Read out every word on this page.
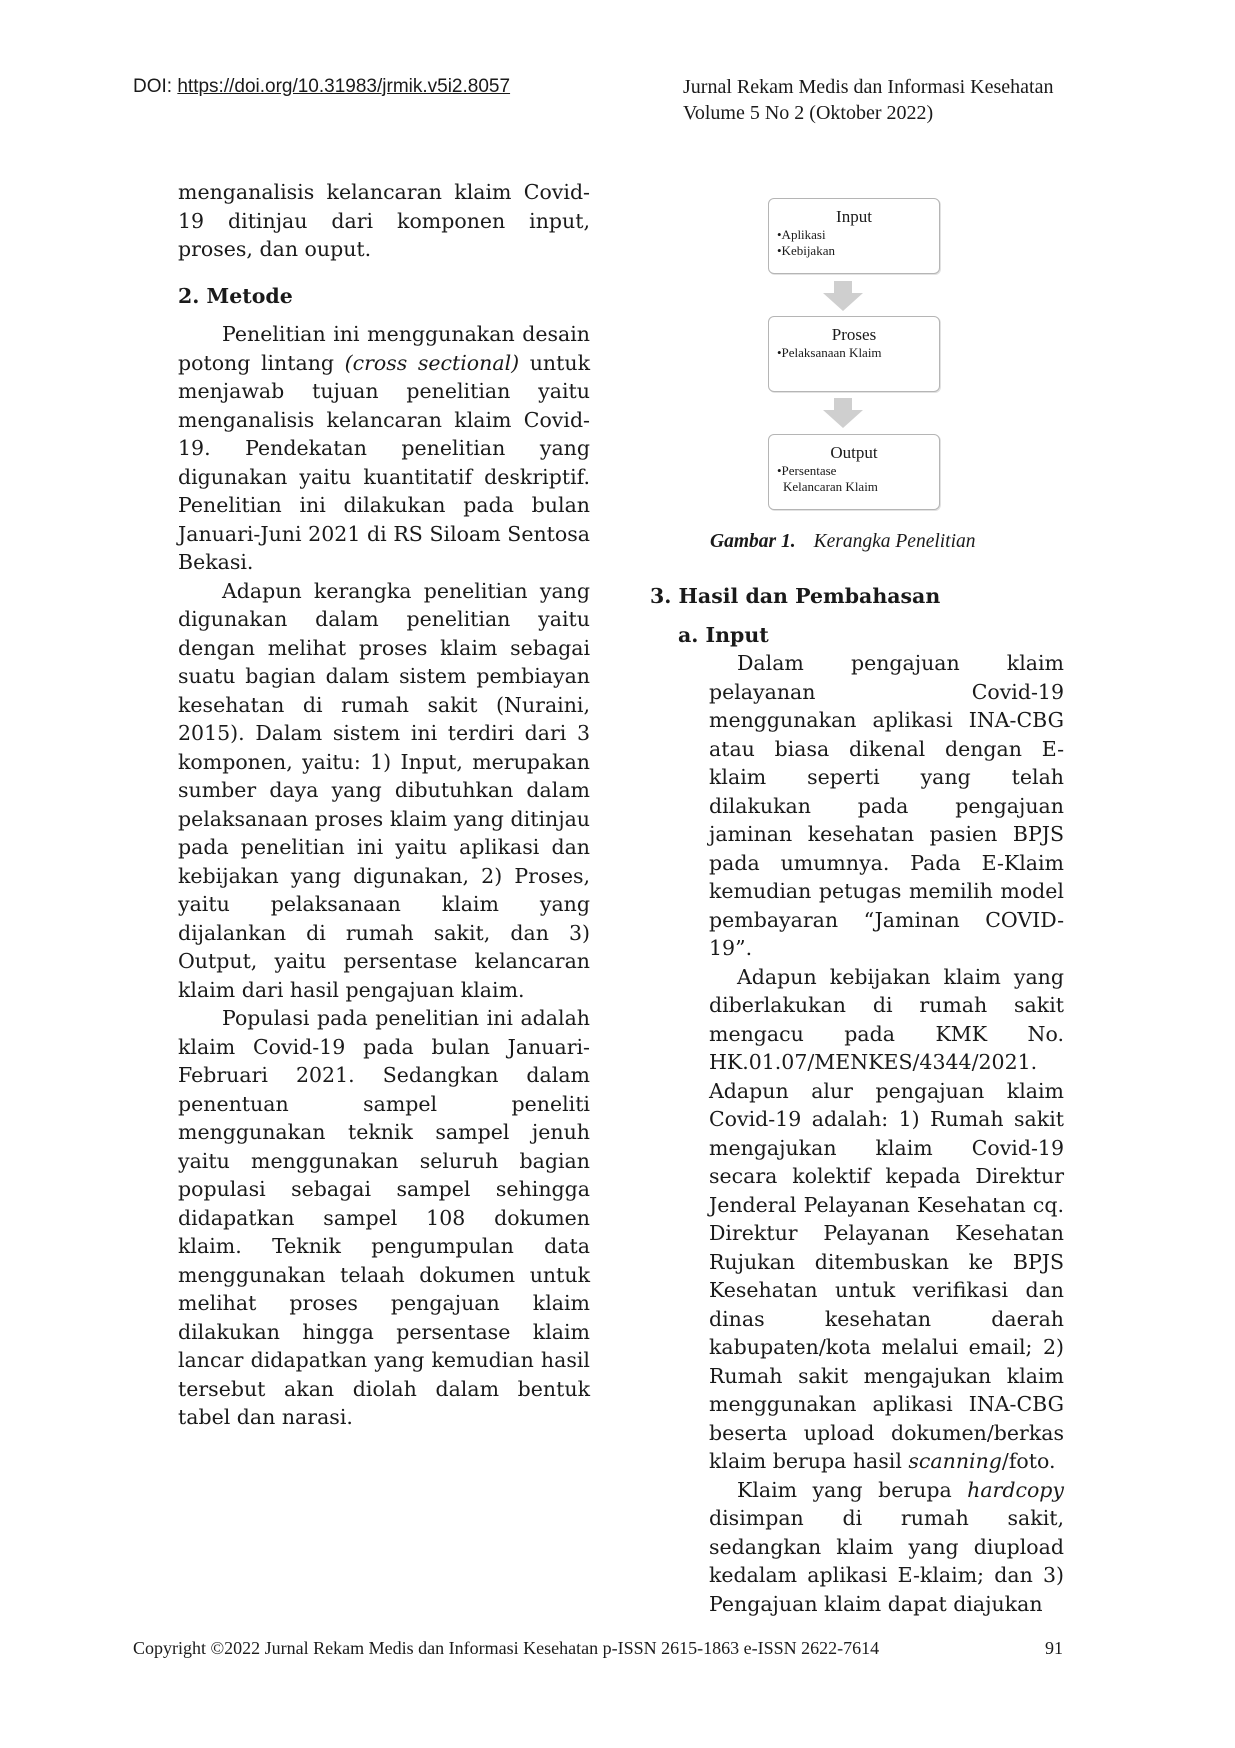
DOI: https://doi.org/10.31983/jrmik.v5i2.8057	Jurnal Rekam Medis dan Informasi Kesehatan
Volume 5 No 2 (Oktober 2022)

menganalisis kelancaran klaim Covid-19 ditinjau dari komponen input, proses, dan ouput.

2. Metode

Penelitian ini menggunakan desain potong lintang (cross sectional) untuk menjawab tujuan penelitian yaitu menganalisis kelancaran klaim Covid-19. Pendekatan penelitian yang digunakan yaitu kuantitatif deskriptif. Penelitian ini dilakukan pada bulan Januari-Juni 2021 di RS Siloam Sentosa Bekasi.

Adapun kerangka penelitian yang digunakan dalam penelitian yaitu dengan melihat proses klaim sebagai suatu bagian dalam sistem pembiayan kesehatan di rumah sakit (Nuraini, 2015). Dalam sistem ini terdiri dari 3 komponen, yaitu: 1) Input, merupakan sumber daya yang dibutuhkan dalam pelaksanaan proses klaim yang ditinjau pada penelitian ini yaitu aplikasi dan kebijakan yang digunakan, 2) Proses, yaitu pelaksanaan klaim yang dijalankan di rumah sakit, dan 3) Output, yaitu persentase kelancaran klaim dari hasil pengajuan klaim.

Populasi pada penelitian ini adalah klaim Covid-19 pada bulan Januari-Februari 2021. Sedangkan dalam penentuan sampel peneliti menggunakan teknik sampel jenuh yaitu menggunakan seluruh bagian populasi sebagai sampel sehingga didapatkan sampel 108 dokumen klaim. Teknik pengumpulan data menggunakan telaah dokumen untuk melihat proses pengajuan klaim dilakukan hingga persentase klaim lancar didapatkan yang kemudian hasil tersebut akan diolah dalam bentuk tabel dan narasi.

Input
•Aplikasi
•Kebijakan
Proses
•Pelaksanaan Klaim
Output
•Persentase
Kelancaran Klaim
Gambar 1. Kerangka Penelitian
3. Hasil dan Pembahasan
a. Input

Dalam pengajuan klaim pelayanan Covid-19 menggunakan aplikasi INA-CBG atau biasa dikenal dengan E-klaim seperti yang telah dilakukan pada pengajuan jaminan kesehatan pasien BPJS pada umumnya. Pada E-Klaim kemudian petugas memilih model pembayaran “Jaminan COVID-19”.

Adapun kebijakan klaim yang diberlakukan di rumah sakit mengacu pada KMK No. HK.01.07/MENKES/4344/2021. Adapun alur pengajuan klaim Covid-19 adalah: 1) Rumah sakit mengajukan klaim Covid-19 secara kolektif kepada Direktur Jenderal Pelayanan Kesehatan cq. Direktur Pelayanan Kesehatan Rujukan ditembuskan ke BPJS Kesehatan untuk verifikasi dan dinas kesehatan daerah kabupaten/kota melalui email; 2) Rumah sakit mengajukan klaim menggunakan aplikasi INA-CBG beserta upload dokumen/berkas klaim berupa hasil scanning/foto.

Klaim yang berupa hardcopy disimpan di rumah sakit, sedangkan klaim yang diupload kedalam aplikasi E-klaim; dan 3) Pengajuan klaim dapat diajukan

Copyright ©2022 Jurnal Rekam Medis dan Informasi Kesehatan p-ISSN 2615-1863 e-ISSN 2622-7614	91
